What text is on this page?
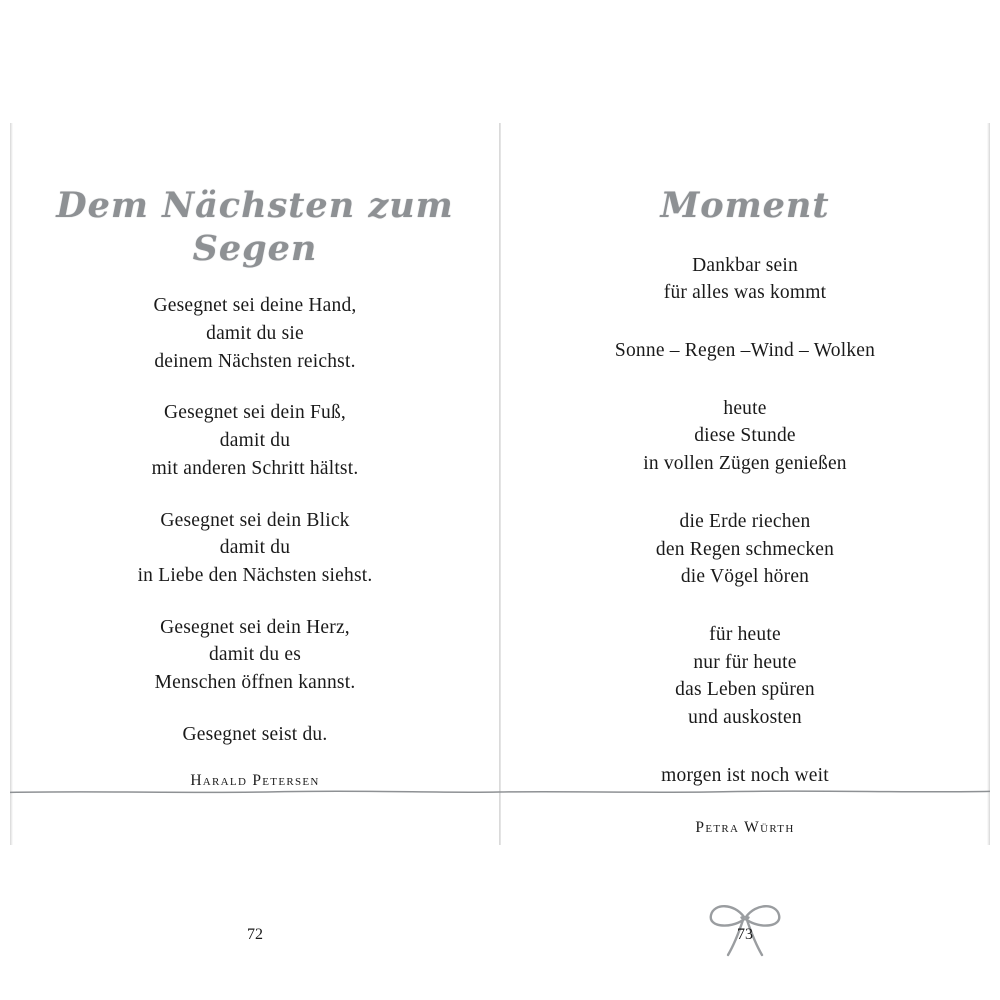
Dem Nächsten zum Segen

Gesegnet sei deine Hand,
damit du sie
deinem Nächsten reichst.

Gesegnet sei dein Fuß,
damit du
mit anderen Schritt hältst.

Gesegnet sei dein Blick
damit du
in Liebe den Nächsten siehst.

Gesegnet sei dein Herz,
damit du es
Menschen öffnen kannst.

Gesegnet seist du.

Harald Petersen
72
Moment

Dankbar sein
für alles was kommt

Sonne – Regen –Wind – Wolken

heute
diese Stunde
in vollen Zügen genießen

die Erde riechen
den Regen schmecken
die Vögel hören

für heute
nur für heute
das Leben spüren
und auskosten

morgen ist noch weit

Petra Würth
73
